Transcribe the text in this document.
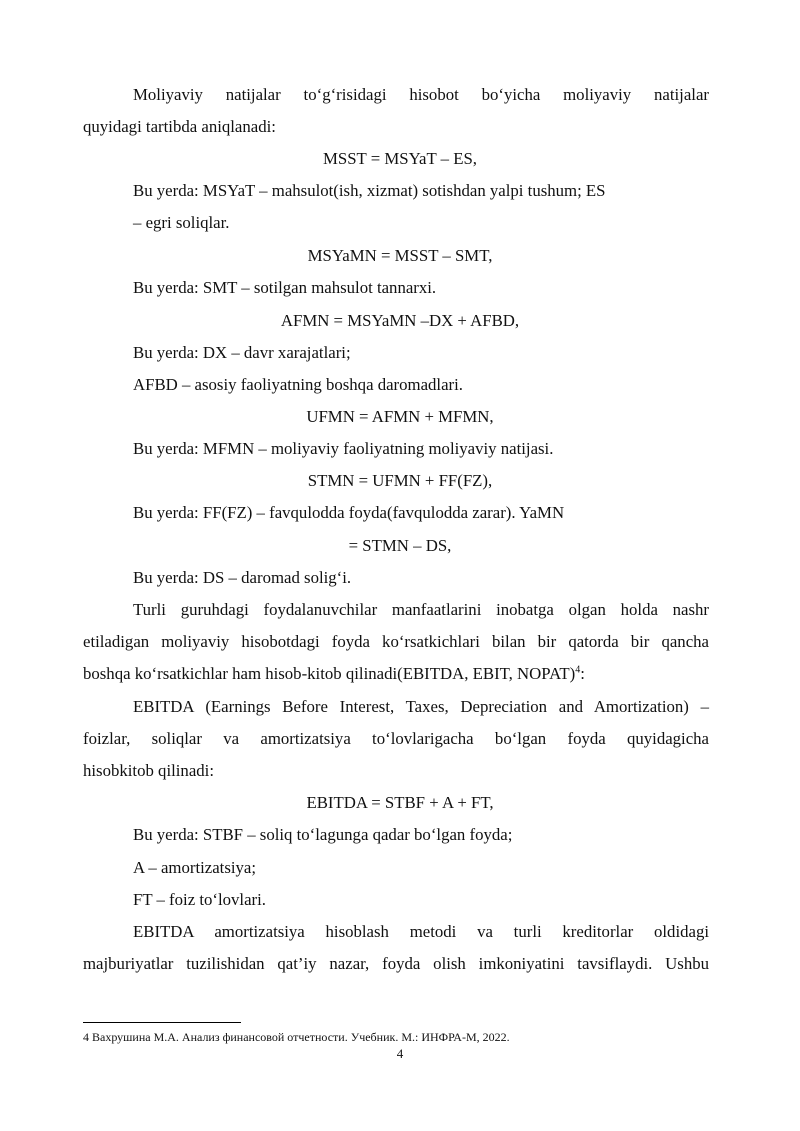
Moliyaviy natijalar to‘g‘risidagi hisobot bo‘yicha moliyaviy natijalar
quyidagi tartibda aniqlanadi:
MSST = MSYaT – ES,
Bu yerda: MSYaT – mahsulot(ish, xizmat) sotishdan yalpi tushum; ES
– egri soliqlar.
MSYaMN = MSST – SMT,
Bu yerda: SMT – sotilgan mahsulot tannarxi.
AFMN = MSYaMN –DX + AFBD,
Bu yerda: DX – davr xarajatlari;
AFBD – asosiy faoliyatning boshqa daromadlari.
UFMN = AFMN + MFMN,
Bu yerda: MFMN – moliyaviy faoliyatning moliyaviy natijasi.
STMN = UFMN + FF(FZ),
Bu yerda: FF(FZ) – favqulodda foyda(favqulodda zarar). YaMN
= STMN – DS,
Bu yerda: DS – daromad solig‘i.
Turli guruhdagi foydalanuvchilar manfaatlarini inobatga olgan holda nashr
etiladigan moliyaviy hisobotdagi foyda ko‘rsatkichlari bilan bir qatorda bir qancha
boshqa ko‘rsatkichlar ham hisob-kitob qilinadi(EBITDA, EBIT, NOPAT)$^4$:
EBITDA (Earnings Before Interest, Taxes, Depreciation and Amortization) –
foizlar, soliqlar va amortizatsiya to‘lovlarigacha bo‘lgan foyda quyidagicha
hisobkitob qilinadi:
EBITDA = STBF + A + FT,
Bu yerda: STBF – soliq to‘lagunga qadar bo‘lgan foyda;
A – amortizatsiya;
FT – foiz to‘lovlari.
EBITDA amortizatsiya hisoblash metodi va turli kreditorlar oldidagi
majburiyatlar tuzilishidan qat’iy nazar, foyda olish imkoniyatini tavsiflaydi. Ushbu
4 Вахрушина М.А. Анализ финансовой отчетности. Учебник. М.: ИНФРА-М, 2022.
4
